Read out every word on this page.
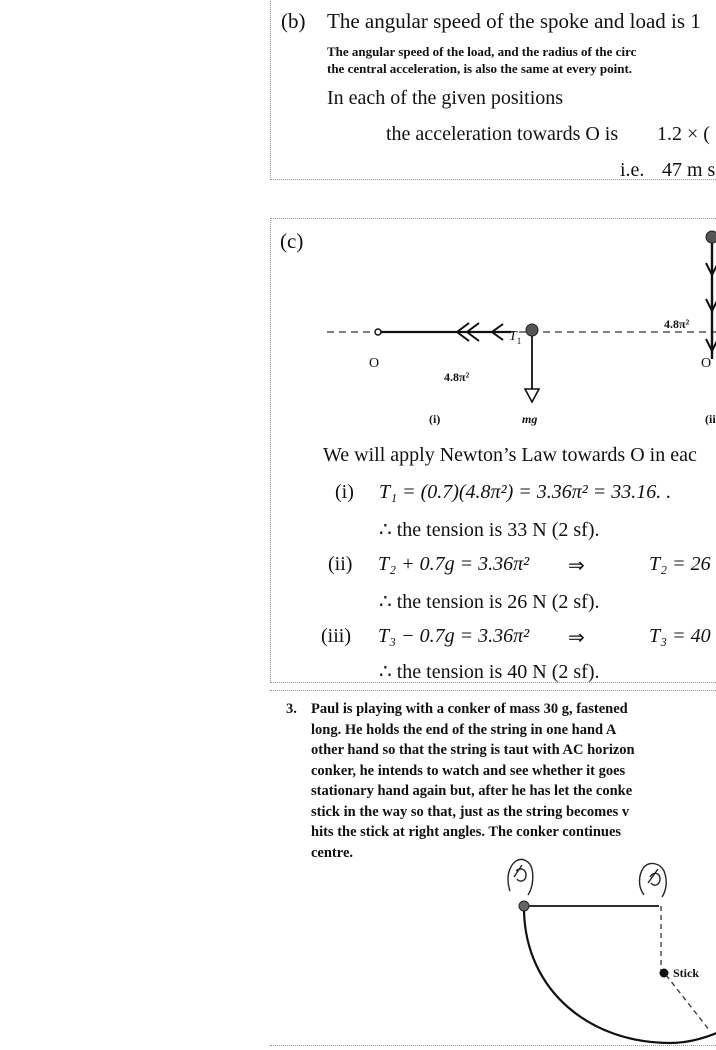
(b) The angular speed of the spoke and load is 1
The angular speed of the load, and the radius of the circ
the central acceleration, is also the same at every point.
In each of the given positions
the acceleration towards O is 1.2 × (
i.e. 47 m s
(c)
$T_1$
4.8π²
4.8π²
O	O
(i)	mg	(ii
We will apply Newton’s Law towards O in eac
(i) T₁ = (0.7)(4.8π²) = 3.36π² = 33.16. .
∴ the tension is 33 N (2 sf).
(ii) T₂ + 0.7g = 3.36π² ⇒	T₂ = 26
∴ the tension is 26 N (2 sf).
(iii) T₃ − 0.7g = 3.36π² ⇒	T₃ = 40
∴ the tension is 40 N (2 sf).
3. Paul is playing with a conker of mass 30 g, fastened
long. He holds the end of the string in one hand A
other hand so that the string is taut with AC horizon
conker, he intends to watch and see whether it goes
stationary hand again but, after he has let the conke
stick in the way so that, just as the string becomes v
hits the stick at right angles. The conker continues
centre.
Stick
